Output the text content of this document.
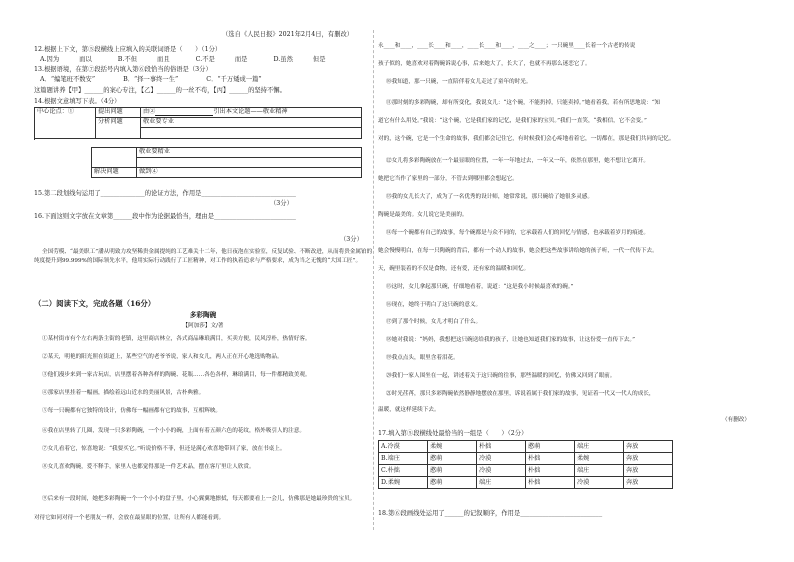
（选自《人民日报》2021年2月4日，有删改）
12.根据上下文，第⑤段横线上应填入的关联词语是（　　）（1分）
A.因为	而以	B.不但	而且	C.不是	而是	D.虽然	但是
13.根据语境，在第⑦段括号内填入第⑥段恰当的俗语是（3分）
A．“编笔班不数安”	B．“择一事终一生”	C．“千万矮成一篇”
这篇题讲养【甲】______的案心专注，【乙】______的一丝不苟，【丙】______的坚持不懈。
14.根据文意填写下表。（4分）
中心论点：①	提出问题	由② 引出本文论题——敬业精神
	分析问题	敬业要专业

	敬业要精业

解决问题	做到④
15.第二段划线句运用了______________的论证方法，作用是______________________________
（3分）
16.下面这则文字放在文章第______段中作为论据最恰当，理由是__________________________
（3分）
全国劳模、“最美职工”潘从明致力攻坚稀贵金属提纯的工艺难关十二年，他日夜泡在实验室，反复试验、不断改进，从而将贵金属铂的
纯度提升到99.999%的国际领先水平，他用实际行动践行了工匠精神，对工作的执着追求与严格要求，成为当之无愧的“大国工匠”。
（二）阅读下文，完成各题（16分）
多彩陶碗
【阿加莎】文/著
①某村街市有个左右两条主街的老镇，这里商店林立，各式商品琳琅满目，买卖方便，民风淳朴，热情好客。
②某天，明艳的阳光照在街道上，某些空气的老爷爷说，家人和女儿，两人正在开心地选购物品。
③他们漫步来到一家古玩店，店里摆着各种各样的陶碗、花瓶……各色各样，琳琅满目，每一件都精致美观。
④那家店里挂着一幅画，描绘着远山近水的美丽风景，古朴典雅。
⑤每一只碗都有它独特的设计，仿佛每一幅画都有它的故事，互相辉映。
⑥我在店里转了几圈，发现一只多彩陶碗，一个小小的碗，上面有着五颜六色的花纹，格外吸引人的注意。
⑦女儿看着它，惊喜地说：“我要买它。”听说价格不菲，但还是满心欢喜地带回了家，放在书桌上。
⑧女儿喜欢陶碗，爱不释手，家里人也都觉得那是一件艺术品，摆在客厅里让人欣赏。
⑨后来有一段时间，她把多彩陶碗一个一个小小的盘子里，小心翼翼地擦拭，每天都要看上一会儿，仿佛那是她最珍贵的宝贝。
对待它如同对待一个老朋友一样，会放在最显眼的位置，让所有人都能看到。
永____和____，____长____和____，____长____和____，____之____；一只碗里____长着一个古老的传说
孩子似的，她喜欢对着陶碗诉说心事，后来她大了，长大了，也就不再那么迷恋它了。
⑩我知道，那一只碗，一直陪伴着女儿走过了童年的时光。
⑪那时刻的多彩陶碗，却有所变化，我说女儿：“这个碗，不能扔掉，只能卖掉。”她看着我，若有所思地说：“知
道它有什么用处。”我说：“这个碗，它是我们家的记忆，是我们家的宝贝。”我们一直笑，“我相信，它不会变。”
对的，这个碗，它是一个生命的故事，我们都会记住它，有时候我们会心疼地看着它，一切都在，那是我们共同的记忆。
⑫女儿将多彩陶碗放在一个最显眼的位置，一年一年地过去，一年又一年，依然在那里，她不想让它离开。
她把它当作了家里的一部分，不管去到哪里都会想起它。
⑬我的女儿长大了，成为了一名优秀的设计师，她常常说，那只碗给了她很多灵感。
陶碗是最美的。女儿说它是美丽的。
⑭每一个碗都有自己的故事，每个碗都是与众不同的，它承载着人们的回忆与情感，也承载着岁月的痕迹。
她会慢慢明白，在每一只陶碗的背后，都有一个动人的故事，她会把这些故事讲给她的孩子听，一代一代传下去。
天，碗里装着的不仅是食物，还有爱，还有家的温暖和回忆。
⑮这时，女儿拿起那只碗，仔细地看着，说道：“这是我小时候最喜欢的碗。”
⑯现在，她终于明白了这只碗的意义。
⑰到了那个时候，女儿才明白了什么。
⑱她对我说：“妈妈，我想把这只碗送给我的孩子，让她也知道我们家的故事，让这份爱一直传下去。”
⑲我点点头，眼里含着泪花。
⑳我们一家人围坐在一起，讲述着关于这只碗的往事，那些温暖的回忆，仿佛又回到了眼前。
㉑时光荏苒，那只多彩陶碗依然静静地摆放在那里，诉说着属于我们家的故事，见证着一代又一代人的成长，
温暖，就这样延续下去。
（有删改）
17.填入第⑤段横线处最恰当的一组是（　　）（2分）
A.冷漠	柔婉	朴拙	憨萌	端庄	奔放
B.端庄	憨萌	冷漠	朴拙	柔婉	奔放
C.朴拙	憨萌	冷漠	朴拙	端庄	奔放
D.柔婉	憨萌	端庄	朴拙	冷漠	奔放
18.第⑥段画线处运用了______的记叙顺序，作用是__________________________
